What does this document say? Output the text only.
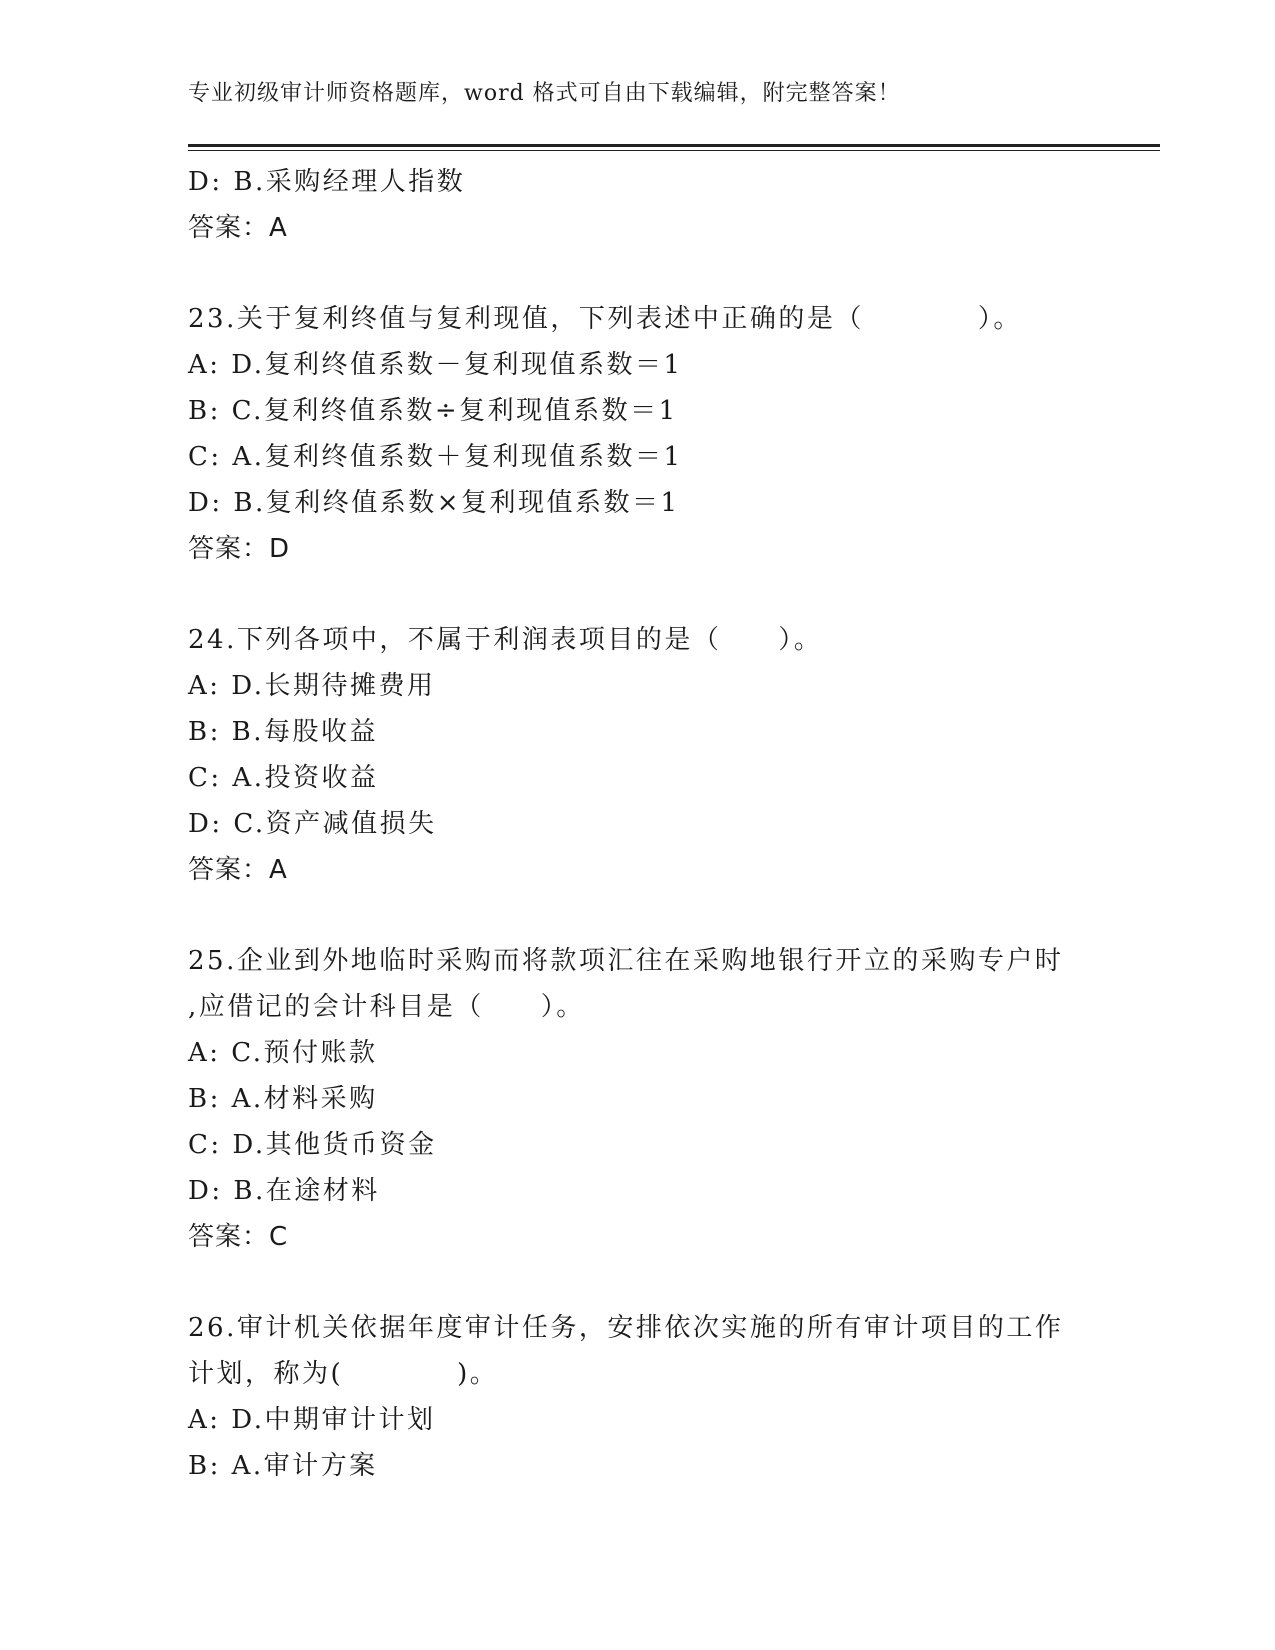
专业初级审计师资格题库，word 格式可自由下载编辑，附完整答案！
D: B.采购经理人指数
答案：A
23.关于复利终值与复利现值，下列表述中正确的是（　　　　）。
A: D.复利终值系数－复利现值系数＝1
B: C.复利终值系数÷复利现值系数＝1
C: A.复利终值系数＋复利现值系数＝1
D: B.复利终值系数×复利现值系数＝1
答案：D
24.下列各项中，不属于利润表项目的是（　　）。
A: D.长期待摊费用
B: B.每股收益
C: A.投资收益
D: C.资产减值损失
答案：A
25.企业到外地临时采购而将款项汇往在采购地银行开立的采购专户时
,应借记的会计科目是（　　）。
A: C.预付账款
B: A.材料采购
C: D.其他货币资金
D: B.在途材料
答案：C
26.审计机关依据年度审计任务，安排依次实施的所有审计项目的工作
计划，称为(　　　　)。
A: D.中期审计计划
B: A.审计方案
